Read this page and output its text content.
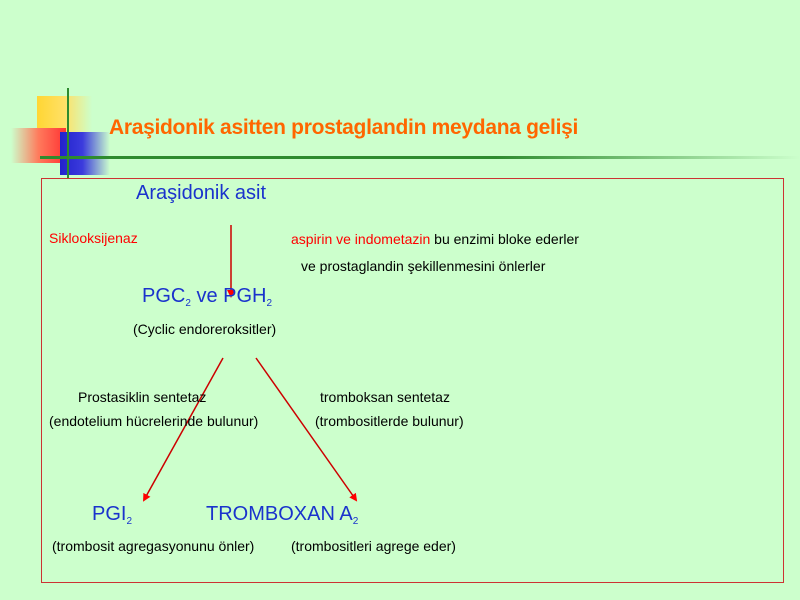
Araşidonik asitten prostaglandin meydana gelişi
Araşidonik asit
Siklooksijenaz	aspirin ve indometazin bu enzimi bloke ederler
ve prostaglandin şekillenmesini önlerler
$PGC_2$ ve $PGH_2$
(Cyclic endoreroksitler)
Prostasiklin sentetaz
(endotelium hücrelerinde bulunur)
tromboksan sentetaz
(trombositlerde bulunur)
$PGI_2$	TROMBOXAN $A_2$
(trombosit agregasyonunu önler)	(trombositleri agrege eder)
